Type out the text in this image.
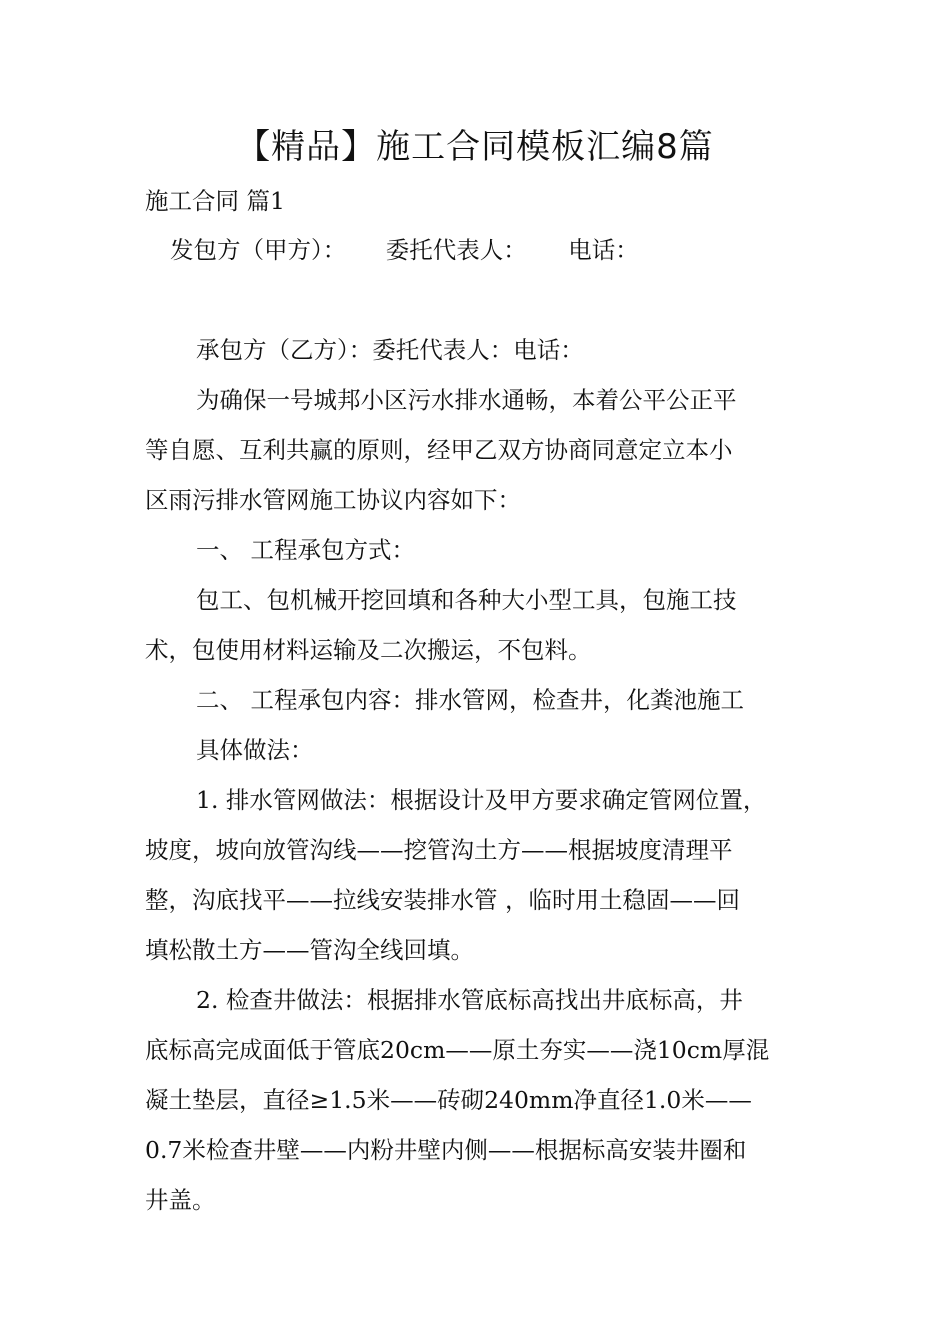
【精品】施工合同模板汇编8篇
施工合同 篇1
发包方（甲方）： 委托代表人： 电话：
承包方（乙方）：委托代表人：电话：
为确保一号城邦小区污水排水通畅，本着公平公正平
等自愿、互利共赢的原则，经甲乙双方协商同意定立本小
区雨污排水管网施工协议内容如下：
一、 工程承包方式：
包工、包机械开挖回填和各种大小型工具，包施工技
术，包使用材料运输及二次搬运，不包料。
二、 工程承包内容：排水管网，检查井，化粪池施工
具体做法：
1. 排水管网做法：根据设计及甲方要求确定管网位置，
坡度，坡向放管沟线——挖管沟土方——根据坡度清理平
整，沟底找平——拉线安装排水管 ，临时用土稳固——回
填松散土方——管沟全线回填。
2. 检查井做法：根据排水管底标高找出井底标高，井
底标高完成面低于管底20cm——原土夯实——浇10cm厚混
凝土垫层，直径≥1.5米——砖砌240mm净直径1.0米——
0.7米检查井壁——内粉井壁内侧——根据标高安装井圈和
井盖。
